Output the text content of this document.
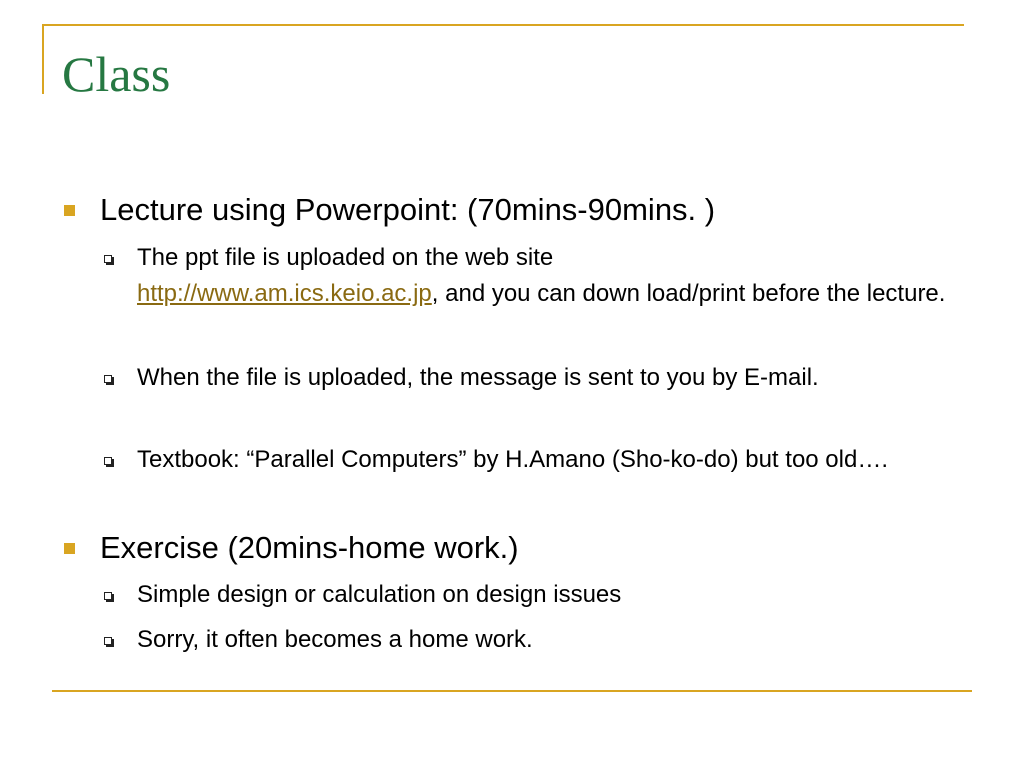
Class
Lecture using Powerpoint: (70mins-90mins. )
The ppt file is uploaded on the web site
http://www.am.ics.keio.ac.jp, and you can down load/print before the lecture.
When the file is uploaded, the message is sent to you by E-mail.
Textbook: “Parallel Computers” by H.Amano (Sho-ko-do) but too old….
Exercise (20mins-home work.)
Simple design or calculation on design issues
Sorry, it often becomes a home work.
